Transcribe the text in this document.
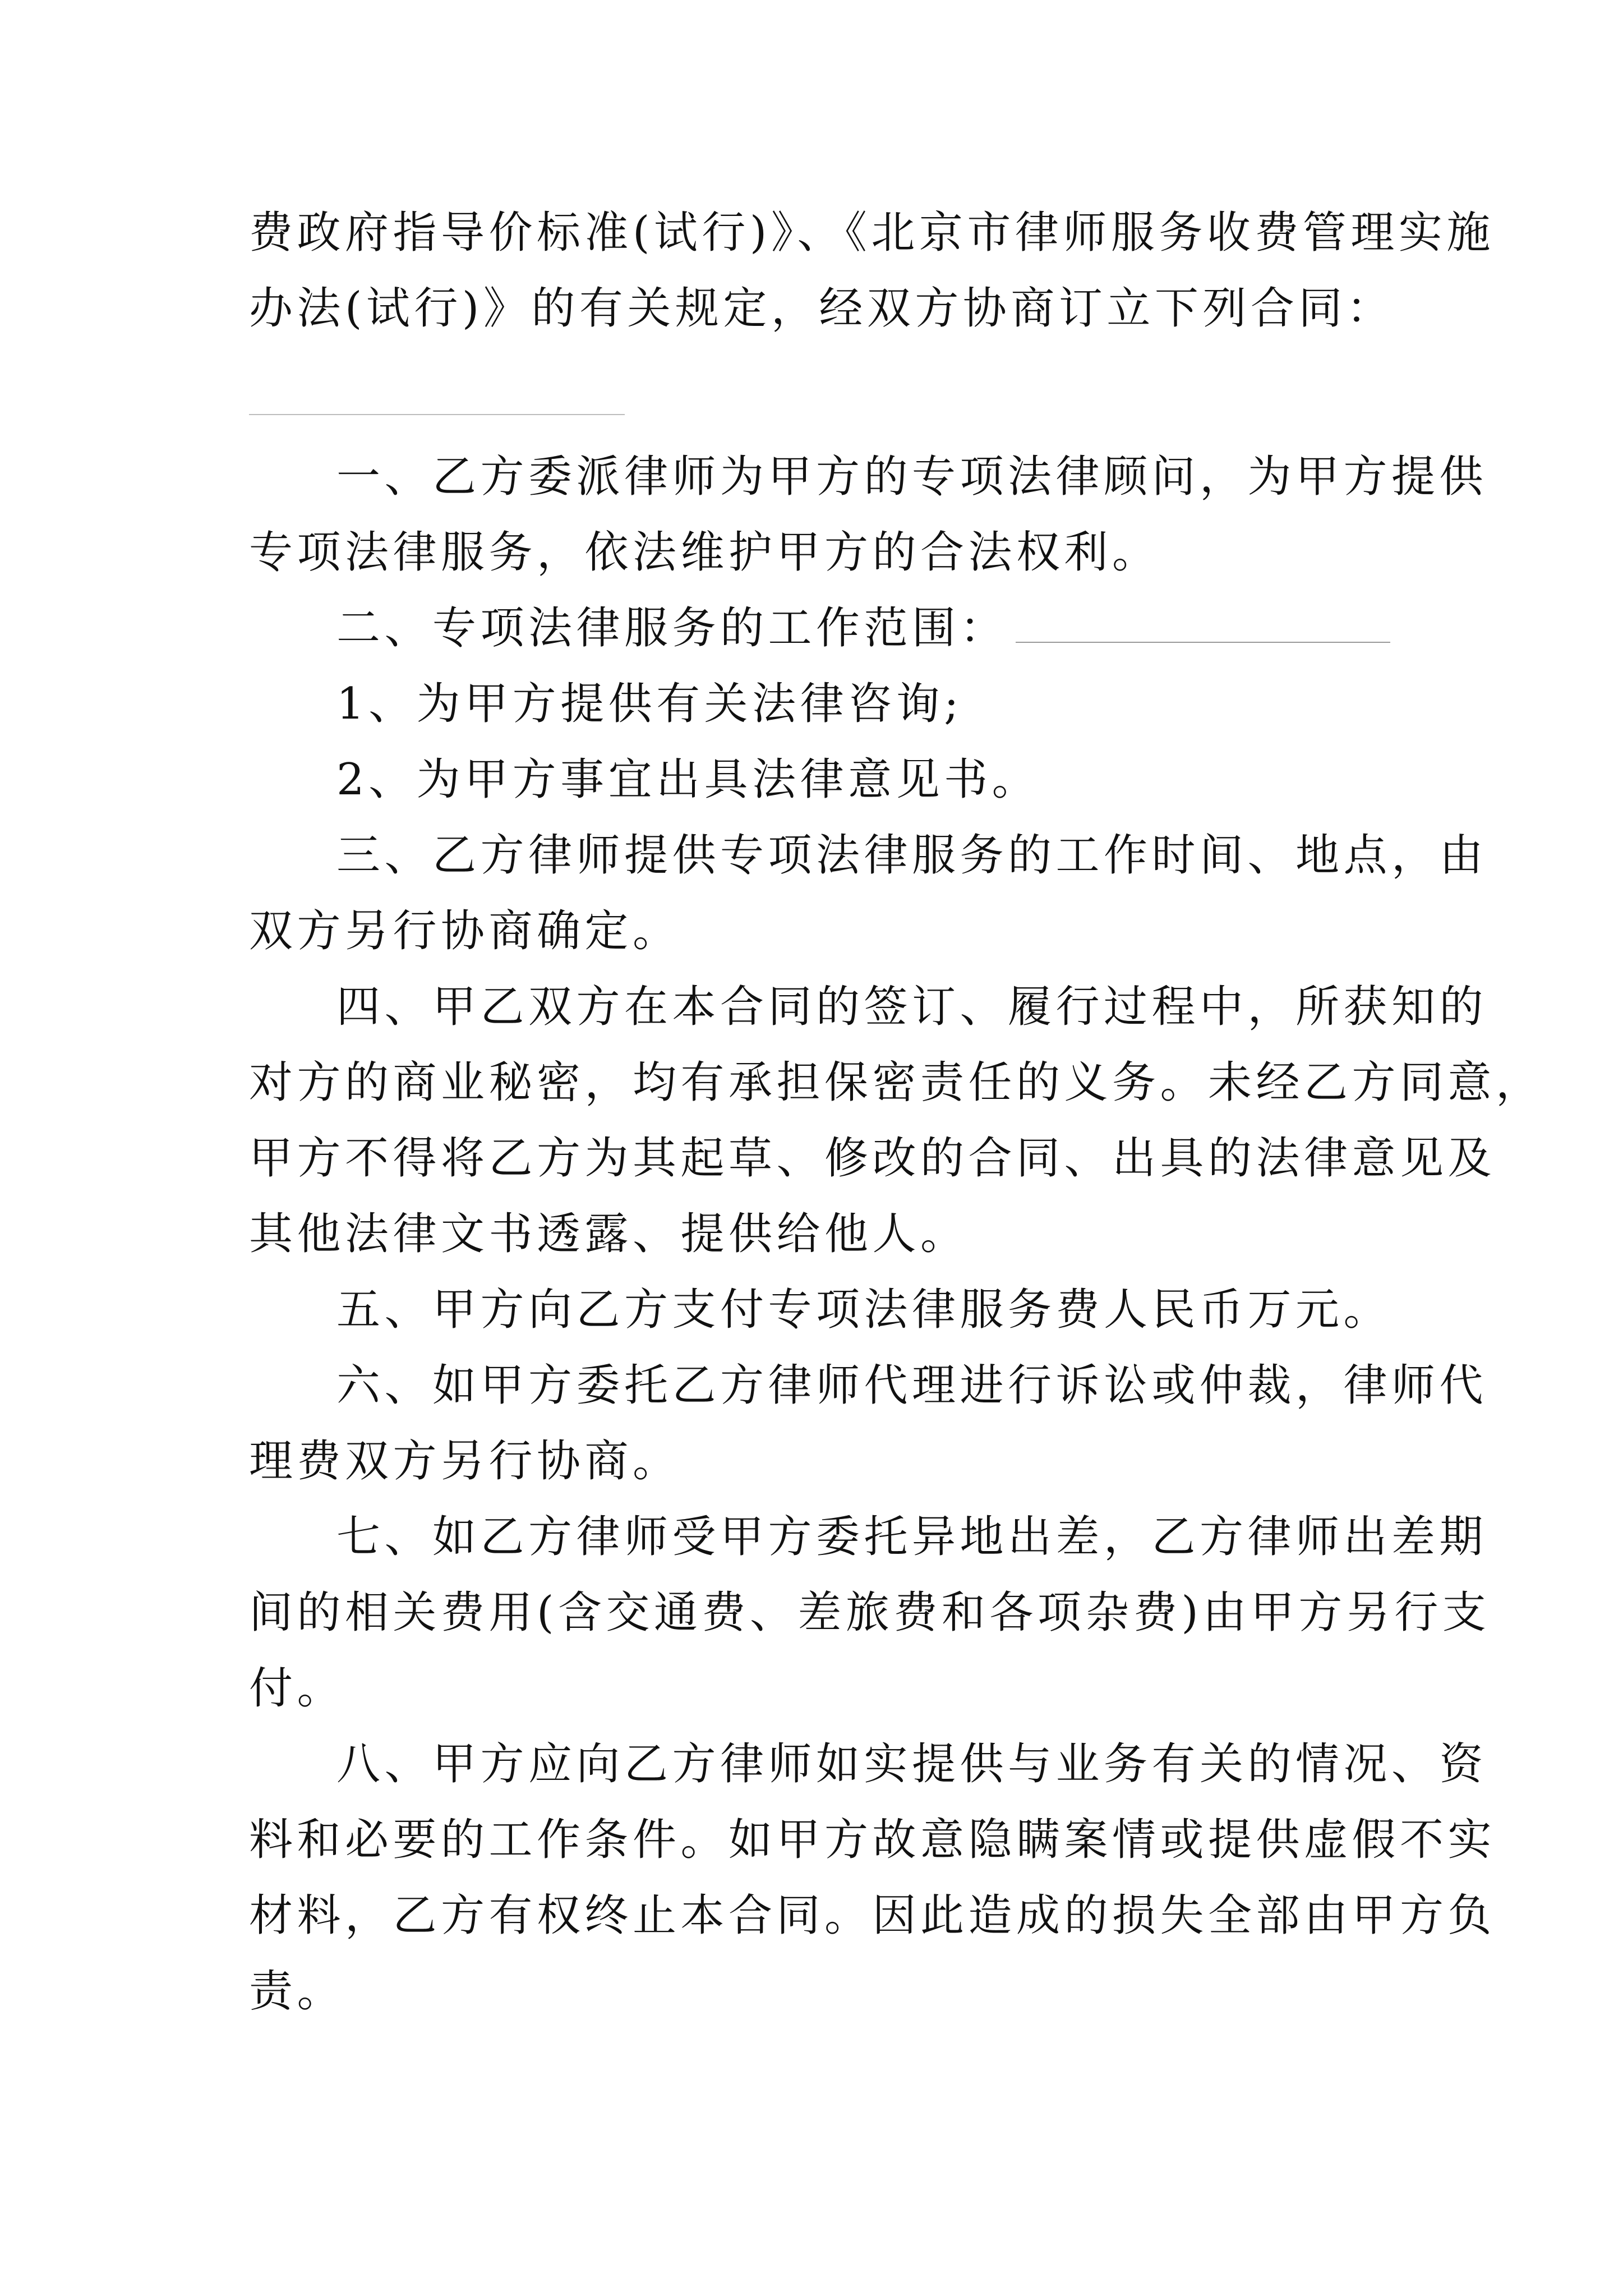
费政府指导价标准(试行)》、《北京市律师服务收费管理实施
办法(试行)》的有关规定，经双方协商订立下列合同：
一、乙方委派律师为甲方的专项法律顾问，为甲方提供
专项法律服务，依法维护甲方的合法权利。
二、专项法律服务的工作范围：
1、为甲方提供有关法律咨询;
2、为甲方事宜出具法律意见书。
三、乙方律师提供专项法律服务的工作时间、地点，由
双方另行协商确定。
四、甲乙双方在本合同的签订、履行过程中，所获知的
对方的商业秘密，均有承担保密责任的义务。未经乙方同意，
甲方不得将乙方为其起草、修改的合同、出具的法律意见及
其他法律文书透露、提供给他人。
五、甲方向乙方支付专项法律服务费人民币万元。
六、如甲方委托乙方律师代理进行诉讼或仲裁，律师代
理费双方另行协商。
七、如乙方律师受甲方委托异地出差，乙方律师出差期
间的相关费用(含交通费、差旅费和各项杂费)由甲方另行支
付。
八、甲方应向乙方律师如实提供与业务有关的情况、资
料和必要的工作条件。如甲方故意隐瞒案情或提供虚假不实
材料，乙方有权终止本合同。因此造成的损失全部由甲方负
责。
